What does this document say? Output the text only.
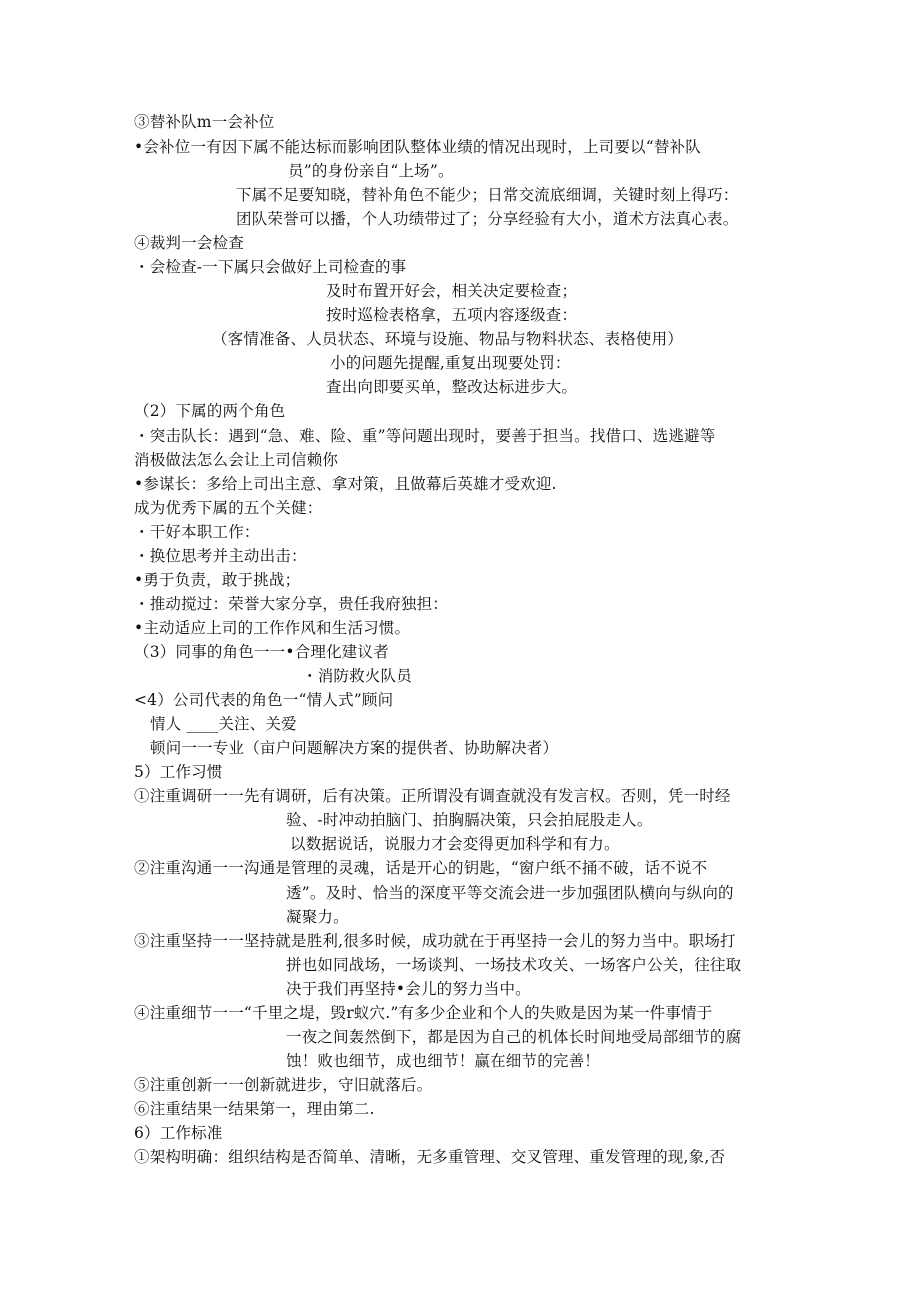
③替补队m一会补位
•会补位一有因下属不能达标而影响团队整体业绩的情况出现时，上司要以“替补队
员”的身份亲自“上场”。
下属不足要知晓，替补角色不能少；日常交流底细调，关键时刻上得巧：
团队荣誉可以播，个人功绩带过了；分享经验有大小，道术方法真心表。
④裁判一会检查
・会检查-一下属只会做好上司检查的事
及时布置开好会，相关决定要检查；
按时巡检表格拿，五项内容逐级查：
（客情准备、人员状态、环境与设施、物品与物料状态、表格使用）
小的问题先提醒,重复出现要处罚：
査出向即要买单，整改达标进步大。
（2）下属的两个角色
・突击队长：遇到“急、难、险、重”等问题出现时，要善于担当。找借口、选逃避等
消极做法怎么会让上司信赖你
•参谋长：多给上司出主意、拿对策，且做幕后英雄才受欢迎.
成为优秀下属的五个关健：
・干好本职工作：
・换位思考并主动出击：
•勇于负责，敢于挑战；
・推动搅过：荣誉大家分享，贵任我府独担：
•主动适应上司的工作作风和生活习惯。
（3）同事的角色一一•合理化建议者
・消防救火队员
<4）公司代表的角色一“情人式”顾问
情人 ____关注、关爱
顿问一一专业（亩户问题解决方案的提供者、协助解决者）
5）工作习惯
①注重调研一一先有调研，后有决策。正所谓没有调查就没有发言权。否则，凭一时经
验、-时冲动拍脑门、拍胸膈决策，只会拍屁股走人。
以数据说话，说服力才会変得更加科学和有力。
②注重沟通一一沟通是管理的灵魂，话是开心的钥匙，“窗户纸不捅不破，话不说不
透”。及时、恰当的深度平等交流会进一步加强团队横向与纵向的
凝聚力。
③注重坚持一一坚持就是胜利,很多时候，成功就在于再坚持一会儿的努力当中。职场打
拼也如同战场，一场谈判、一场技术攻关、一场客户公关，往往取
决于我们再坚持•会儿的努力当中。
④注重细节一一“千里之堤，毁r蚁穴.”有多少企业和个人的失败是因为某一件事情于
一夜之间轰然倒下，都是因为自己的机体长时间地受局部细节的腐
蚀！败也细节，成也细节！赢在细节的完善！
⑤注重创新一一创新就进步，守旧就落后。
⑥注重结果一结果第一，理由第二.
6）工作标准
①架构明确：组织结构是否简单、清晰，无多重管理、交叉管理、重发管理的现,象,否
